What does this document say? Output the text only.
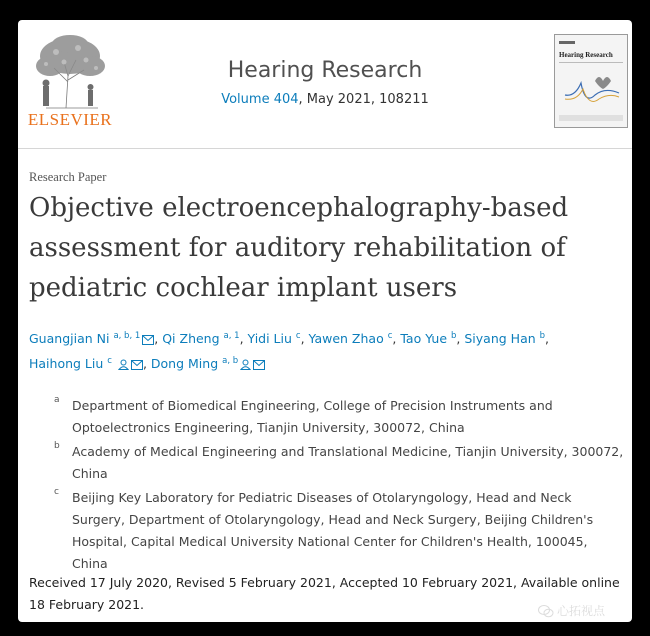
ELSEVIER
Hearing Research
Volume 404, May 2021, 108211
Hearing Research
Research Paper
Objective electroencephalography-based assessment for auditory rehabilitation of pediatric cochlear implant users
Guangjian Ni $^{a, b, 1}$ , Qi Zheng $^{a, 1}$, Yidi Liu $^c$, Yawen Zhao $^c$, Tao Yue $^b$, Siyang Han $^b$, Haihong Liu $^c$ , Dong Ming $^{a, b}$
a Department of Biomedical Engineering, College of Precision Instruments and Optoelectronics Engineering, Tianjin University, 300072, China
b Academy of Medical Engineering and Translational Medicine, Tianjin University, 300072, China
c Beijing Key Laboratory for Pediatric Diseases of Otolaryngology, Head and Neck Surgery, Department of Otolaryngology, Head and Neck Surgery, Beijing Children's Hospital, Capital Medical University National Center for Children's Health, 100045, China
Received 17 July 2020, Revised 5 February 2021, Accepted 10 February 2021, Available online 18 February 2021.	心拓视点
